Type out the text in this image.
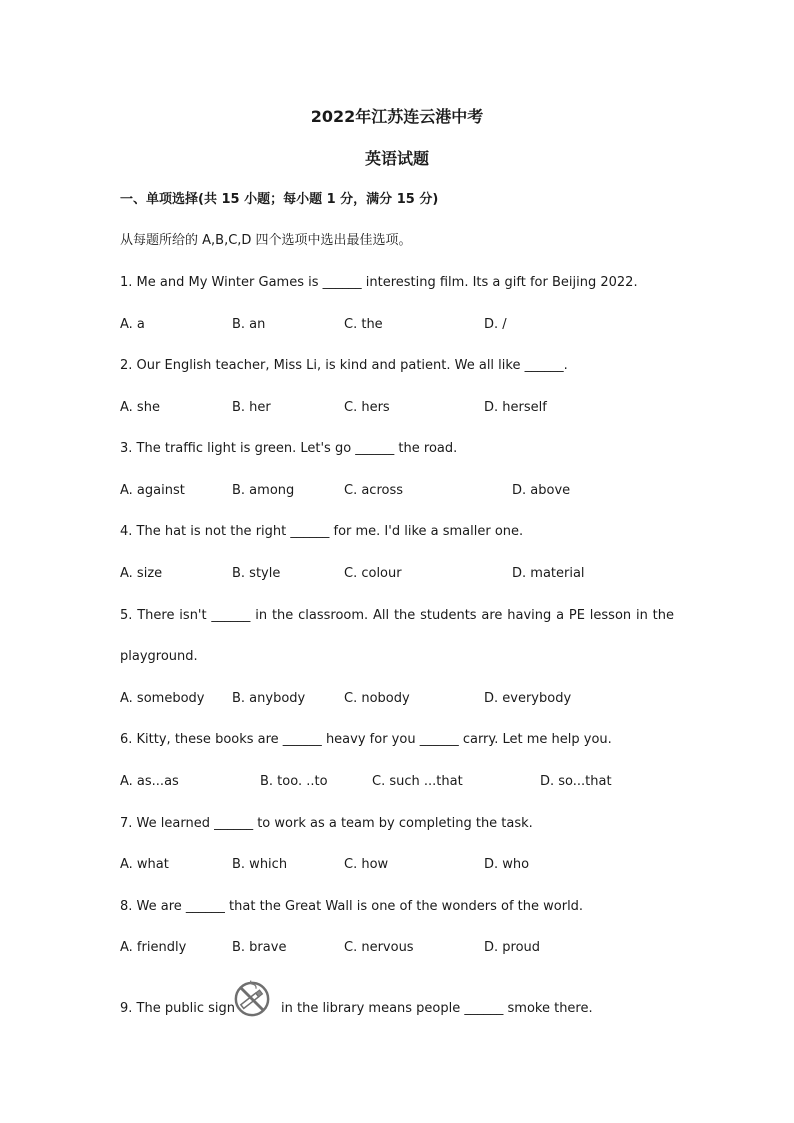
2022年江苏连云港中考
英语试题
一、单项选择(共 15 小题；每小题 1 分，满分 15 分)
从每题所给的 A,B,C,D 四个选项中选出最佳选项。
1. Me and My Winter Games is ______ interesting film. Its a gift for Beijing 2022.
A. a	B. an	C. the	D. /
2. Our English teacher, Miss Li, is kind and patient. We all like ______.
A. she	B. her	C. hers	D. herself
3. The traffic light is green. Let's go ______ the road.
A. against	B. among	C. across	D. above
4. The hat is not the right ______ for me. I'd like a smaller one.
A. size	B. style	C. colour	D. material
5. There isn't ______ in the classroom. All the students are having a PE lesson in the
playground.
A. somebody B. anybody	C. nobody	D. everybody
6. Kitty, these books are ______ heavy for you ______ carry. Let me help you.
A. as...as	B. too. ..to	C. such ...that	D. so...that
7. We learned ______ to work as a team by completing the task.
A. what	B. which	C. how	D. who
8. We are ______ that the Great Wall is one of the wonders of the world.
A. friendly	B. brave	C. nervous	D. proud
9. The public sign	in the library means people ______ smoke there.
